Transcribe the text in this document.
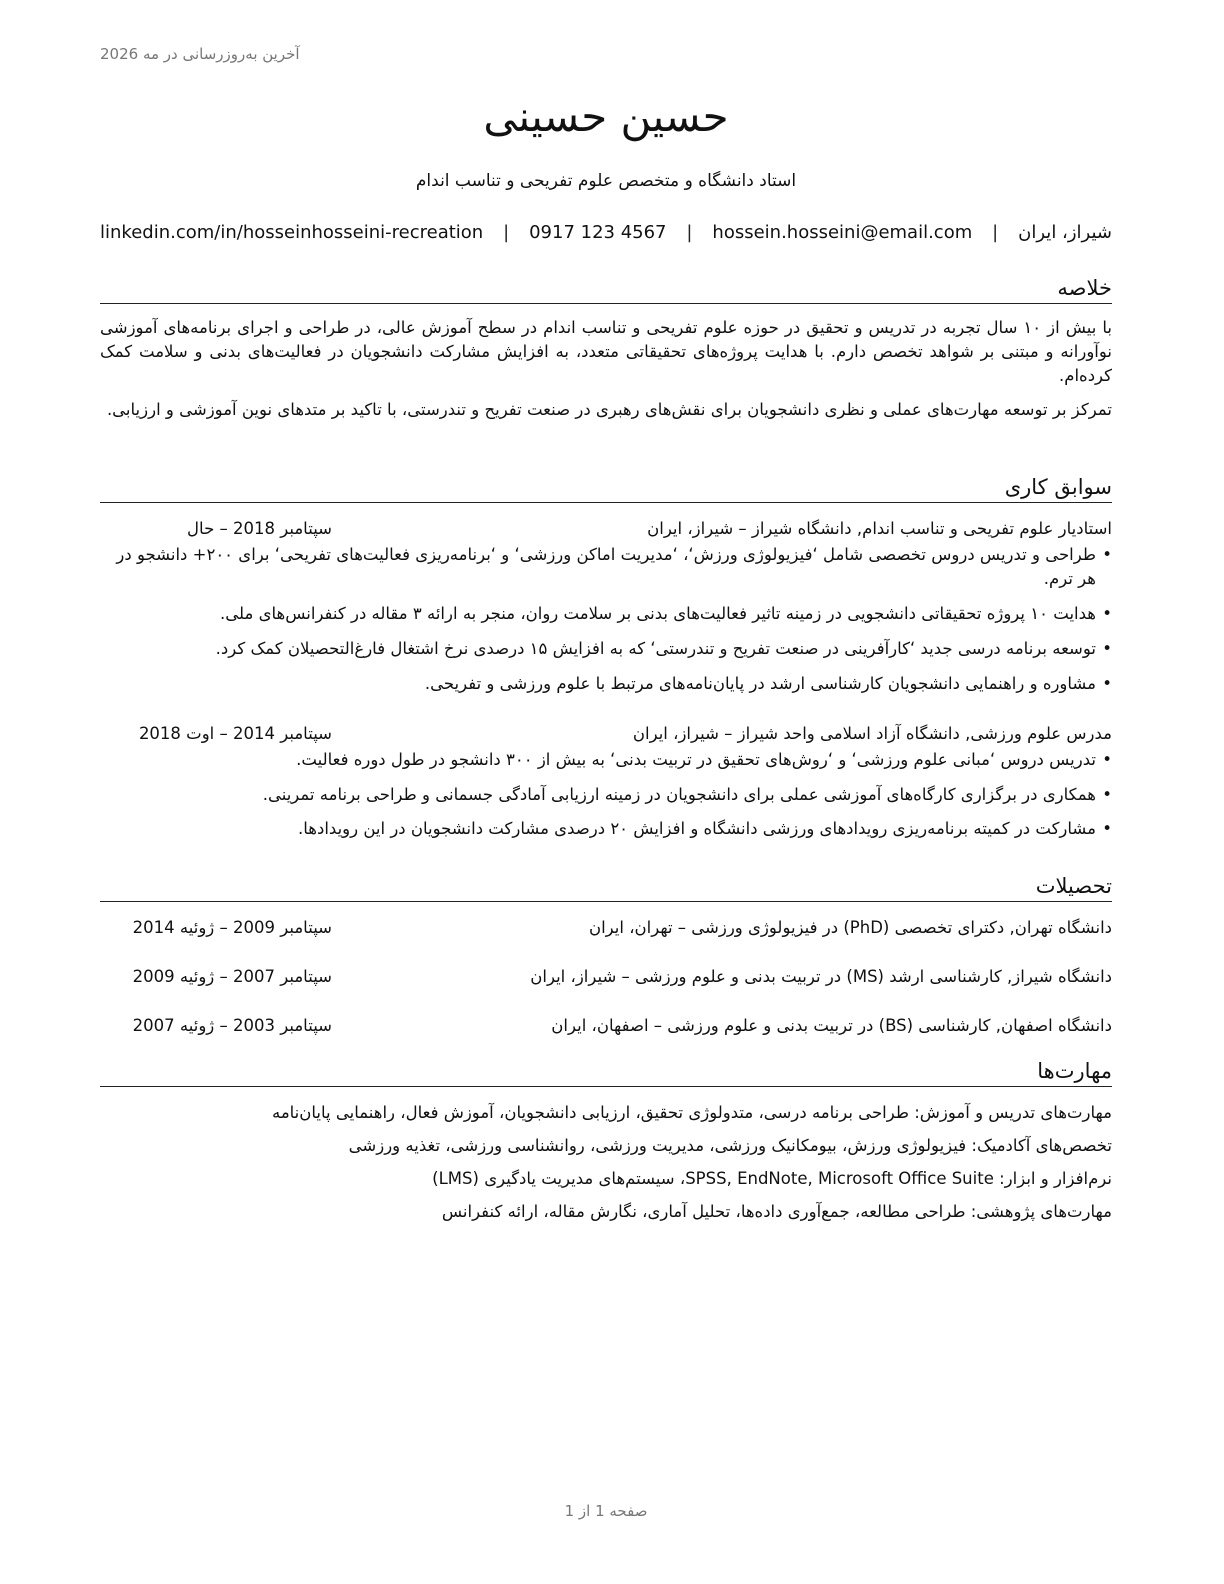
آخرین به‌روزرسانی در مه 2026
حسین حسینی
استاد دانشگاه و متخصص علوم تفریحی و تناسب اندام
شیراز، ایران
|
hossein.hosseini@email.com
|
0917 123 4567
|
linkedin.com/in/hosseinhosseini-recreation
خلاصه

با بیش از ۱۰ سال تجربه در تدریس و تحقیق در حوزه علوم تفریحی و تناسب اندام در سطح آموزش عالی، در طراحی و اجرای برنامه‌های آموزشی نوآورانه و مبتنی بر شواهد تخصص دارم. با هدایت پروژه‌های تحقیقاتی متعدد، به افزایش مشارکت دانشجویان در فعالیت‌های بدنی و سلامت کمک کرده‌ام.

تمرکز بر توسعه مهارت‌های عملی و نظری دانشجویان برای نقش‌های رهبری در صنعت تفریح و تندرستی، با تاکید بر متدهای نوین آموزشی و ارزیابی.

سوابق کاری
استادیار علوم تفریحی و تناسب اندام, دانشگاه شیراز – شیراز، ایران
سپتامبر 2018 – حال
•
طراحی و تدریس دروس تخصصی شامل ‘فیزیولوژی ورزش‘، ‘مدیریت اماکن ورزشی‘ و ‘برنامه‌ریزی فعالیت‌های تفریحی‘ برای ۲۰۰+ دانشجو در هر ترم.
•
هدایت ۱۰ پروژه تحقیقاتی دانشجویی در زمینه تاثیر فعالیت‌های بدنی بر سلامت روان، منجر به ارائه ۳ مقاله در کنفرانس‌های ملی.
•
توسعه برنامه درسی جدید ‘کارآفرینی در صنعت تفریح و تندرستی‘ که به افزایش ۱۵ درصدی نرخ اشتغال فارغ‌التحصیلان کمک کرد.
•
مشاوره و راهنمایی دانشجویان کارشناسی ارشد در پایان‌نامه‌های مرتبط با علوم ورزشی و تفریحی.
مدرس علوم ورزشی, دانشگاه آزاد اسلامی واحد شیراز – شیراز، ایران
سپتامبر 2014 – اوت 2018
•
تدریس دروس ‘مبانی علوم ورزشی‘ و ‘روش‌های تحقیق در تربیت بدنی‘ به بیش از ۳۰۰ دانشجو در طول دوره فعالیت.
•
همکاری در برگزاری کارگاه‌های آموزشی عملی برای دانشجویان در زمینه ارزیابی آمادگی جسمانی و طراحی برنامه تمرینی.
•
مشارکت در کمیته برنامه‌ریزی رویدادهای ورزشی دانشگاه و افزایش ۲۰ درصدی مشارکت دانشجویان در این رویدادها.
تحصیلات
دانشگاه تهران, دکترای تخصصی (PhD) در فیزیولوژی ورزشی – تهران، ایران
سپتامبر 2009 – ژوئیه 2014
دانشگاه شیراز, کارشناسی ارشد (MS) در تربیت بدنی و علوم ورزشی – شیراز، ایران
سپتامبر 2007 – ژوئیه 2009
دانشگاه اصفهان, کارشناسی (BS) در تربیت بدنی و علوم ورزشی – اصفهان، ایران
سپتامبر 2003 – ژوئیه 2007
مهارت‌ها
مهارت‌های تدریس و آموزش: طراحی برنامه درسی، متدولوژی تحقیق، ارزیابی دانشجویان، آموزش فعال، راهنمایی پایان‌نامه
تخصص‌های آکادمیک: فیزیولوژی ورزش، بیومکانیک ورزشی، مدیریت ورزشی، روانشناسی ورزشی، تغذیه ورزشی
نرم‌افزار و ابزار: SPSS, EndNote, Microsoft Office Suite، سیستم‌های مدیریت یادگیری (LMS)
مهارت‌های پژوهشی: طراحی مطالعه، جمع‌آوری داده‌ها، تحلیل آماری، نگارش مقاله، ارائه کنفرانس
صفحه 1 از 1
